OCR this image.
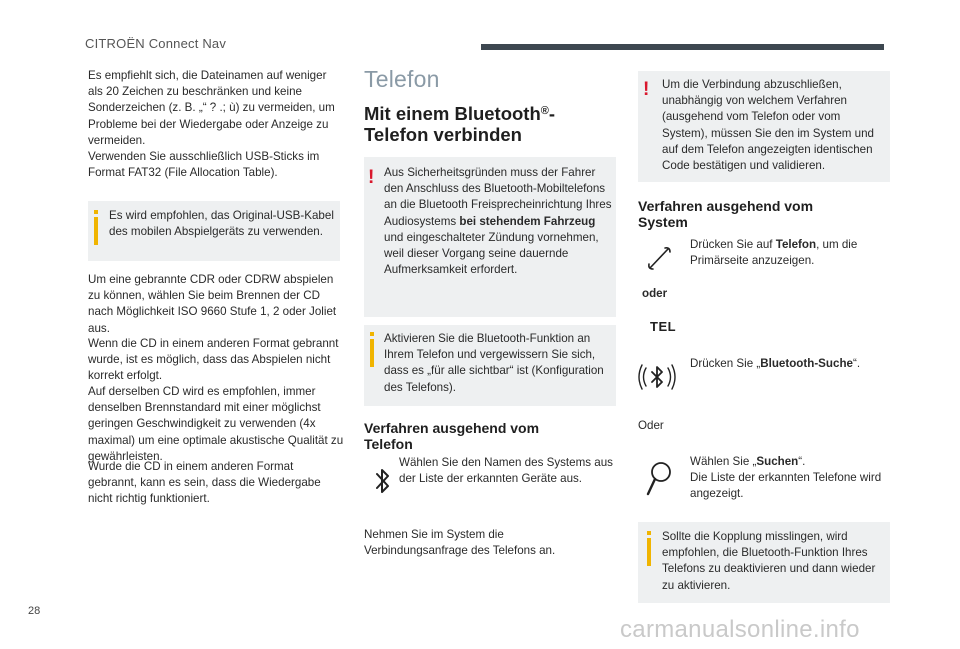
CITROËN Connect Nav
Es empfiehlt sich, die Dateinamen auf weniger als 20 Zeichen zu beschränken und keine Sonderzeichen (z. B. „“ ? .; ù) zu vermeiden, um Probleme bei der Wiedergabe oder Anzeige zu vermeiden.
Verwenden Sie ausschließlich USB-Sticks im Format FAT32 (File Allocation Table).
Es wird empfohlen, das Original-USB-Kabel des mobilen Abspielgeräts zu verwenden.
Um eine gebrannte CDR oder CDRW abspielen zu können, wählen Sie beim Brennen der CD nach Möglichkeit ISO 9660 Stufe 1, 2 oder Joliet aus.
Wenn die CD in einem anderen Format gebrannt wurde, ist es möglich, dass das Abspielen nicht korrekt erfolgt.
Auf derselben CD wird es empfohlen, immer denselben Brennstandard mit einer möglichst geringen Geschwindigkeit zu verwenden (4x maximal) um eine optimale akustische Qualität zu gewährleisten.
Wurde die CD in einem anderen Format gebrannt, kann es sein, dass die Wiedergabe nicht richtig funktioniert.
Telefon
Mit einem Bluetooth®-
Telefon verbinden
! Aus Sicherheitsgründen muss der Fahrer den Anschluss des Bluetooth-Mobiltelefons an die Bluetooth Freisprecheinrichtung Ihres Audiosystems bei stehendem Fahrzeug und eingeschalteter Zündung vornehmen, weil dieser Vorgang seine dauernde Aufmerksamkeit erfordert.
Aktivieren Sie die Bluetooth-Funktion an Ihrem Telefon und vergewissern Sie sich, dass es „für alle sichtbar“ ist (Konfiguration des Telefons).
Verfahren ausgehend vom Telefon
Wählen Sie den Namen des Systems aus der Liste der erkannten Geräte aus.
Nehmen Sie im System die Verbindungsanfrage des Telefons an.
! Um die Verbindung abzuschließen, unabhängig von welchem Verfahren (ausgehend vom Telefon oder vom System), müssen Sie den im System und auf dem Telefon angezeigten identischen Code bestätigen und validieren.
Verfahren ausgehend vom System
Drücken Sie auf Telefon, um die Primärseite anzuzeigen.
oder
TEL
Drücken Sie „Bluetooth-Suche“.
Oder
Wählen Sie „Suchen“.
Die Liste der erkannten Telefone wird angezeigt.
Sollte die Kopplung misslingen, wird empfohlen, die Bluetooth-Funktion Ihres Telefons zu deaktivieren und dann wieder zu aktivieren.
28
carmanualsonline.info
